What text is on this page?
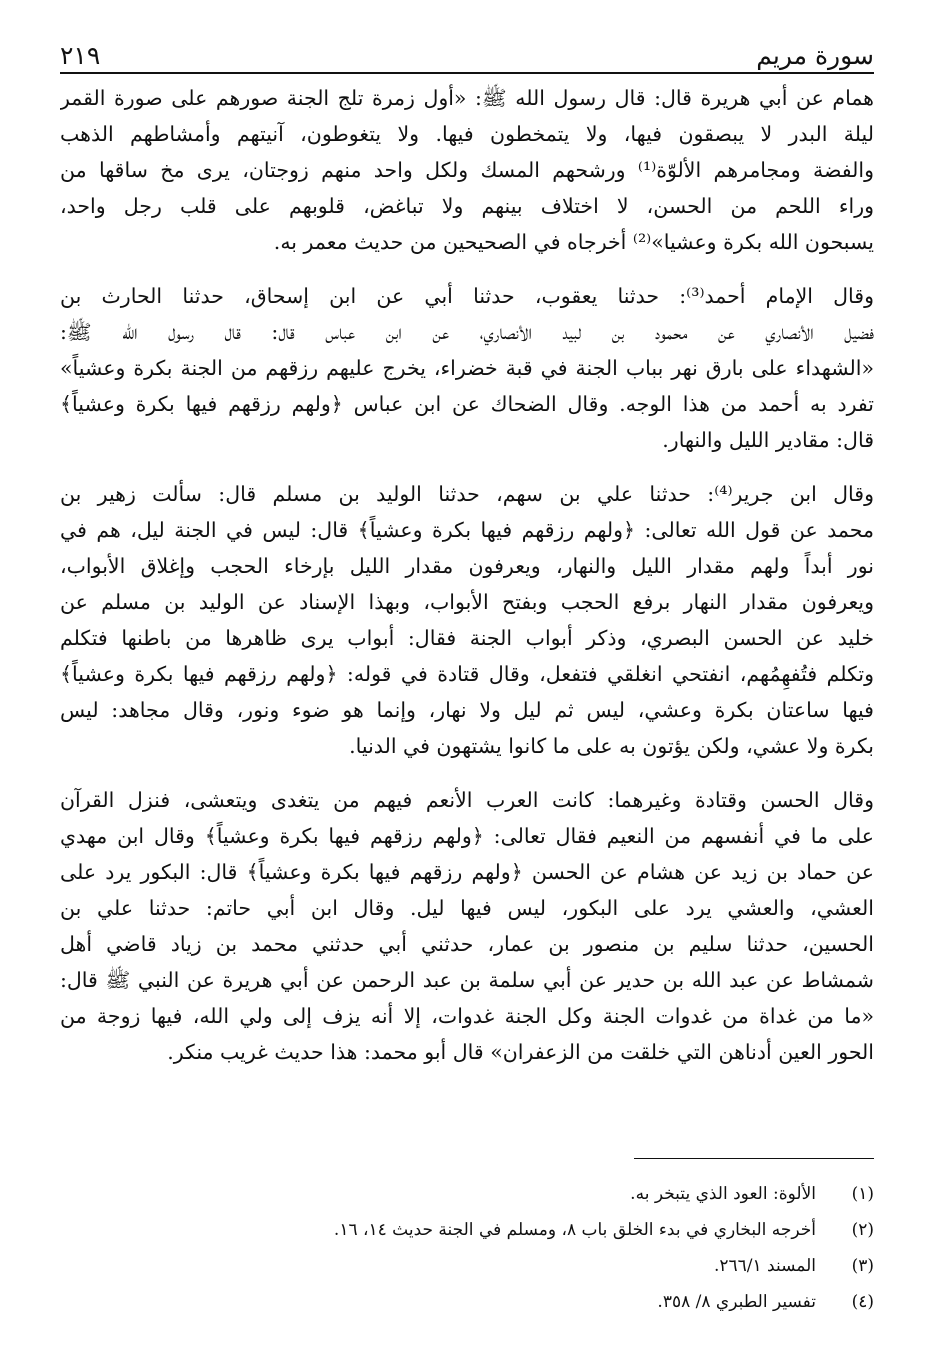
سورة مريم
٢١٩
همام عن أبي هريرة قال: قال رسول الله ﷺ: «أول زمرة تلج الجنة صورهم على صورة القمر
ليلة البدر لا يبصقون فيها، ولا يتمخطون فيها. ولا يتغوطون، آنيتهم وأمشاطهم الذهب
والفضة ومجامرهم الألوّة⁽¹⁾ ورشحهم المسك ولكل واحد منهم زوجتان، يرى مخ ساقها من
وراء اللحم من الحسن، لا اختلاف بينهم ولا تباغض، قلوبهم على قلب رجل واحد،
يسبحون الله بكرة وعشيا»⁽²⁾ أخرجاه في الصحيحين من حديث معمر به.
وقال الإمام أحمد⁽³⁾: حدثنا يعقوب، حدثنا أبي عن ابن إسحاق، حدثنا الحارث بن
فضيل الأنصاري عن محمود بن لبيد الأنصاري، عن ابن عباس قال: قال رسول الله ﷺ:
«الشهداء على بارق نهر بباب الجنة في قبة خضراء، يخرج عليهم رزقهم من الجنة بكرة وعشياً»
تفرد به أحمد من هذا الوجه. وقال الضحاك عن ابن عباس ﴿ولهم رزقهم فيها بكرة وعشياً﴾
قال: مقادير الليل والنهار.
وقال ابن جرير⁽⁴⁾: حدثنا علي بن سهم، حدثنا الوليد بن مسلم قال: سألت زهير بن
محمد عن قول الله تعالى: ﴿ولهم رزقهم فيها بكرة وعشياً﴾ قال: ليس في الجنة ليل، هم في
نور أبداً ولهم مقدار الليل والنهار، ويعرفون مقدار الليل بإرخاء الحجب وإغلاق الأبواب،
ويعرفون مقدار النهار برفع الحجب وبفتح الأبواب، وبهذا الإسناد عن الوليد بن مسلم عن
خليد عن الحسن البصري، وذكر أبواب الجنة فقال: أبواب يرى ظاهرها من باطنها فتكلم
وتكلم فتُفهِمُهم، انفتحي انغلقي فتفعل، وقال قتادة في قوله: ﴿ولهم رزقهم فيها بكرة وعشياً﴾
فيها ساعتان بكرة وعشي، ليس ثم ليل ولا نهار، وإنما هو ضوء ونور، وقال مجاهد: ليس
بكرة ولا عشي، ولكن يؤتون به على ما كانوا يشتهون في الدنيا.
وقال الحسن وقتادة وغيرهما: كانت العرب الأنعم فيهم من يتغدى ويتعشى، فنزل القرآن
على ما في أنفسهم من النعيم فقال تعالى: ﴿ولهم رزقهم فيها بكرة وعشياً﴾ وقال ابن مهدي
عن حماد بن زيد عن هشام عن الحسن ﴿ولهم رزقهم فيها بكرة وعشياً﴾ قال: البكور يرد على
العشي، والعشي يرد على البكور، ليس فيها ليل. وقال ابن أبي حاتم: حدثنا علي بن
الحسين، حدثنا سليم بن منصور بن عمار، حدثني أبي حدثني محمد بن زياد قاضي أهل
شمشاط عن عبد الله بن حدير عن أبي سلمة بن عبد الرحمن عن أبي هريرة عن النبي ﷺ قال:
«ما من غداة من غدوات الجنة وكل الجنة غدوات، إلا أنه يزف إلى ولي الله، فيها زوجة من
الحور العين أدناهن التي خلقت من الزعفران» قال أبو محمد: هذا حديث غريب منكر.
(١)
الألوة: العود الذي يتبخر به.
(٢)
أخرجه البخاري في بدء الخلق باب ٨، ومسلم في الجنة حديث ١٤، ١٦.
(٣)
المسند ٢٦٦/١.
(٤)
تفسير الطبري ٨/ ٣٥٨.
